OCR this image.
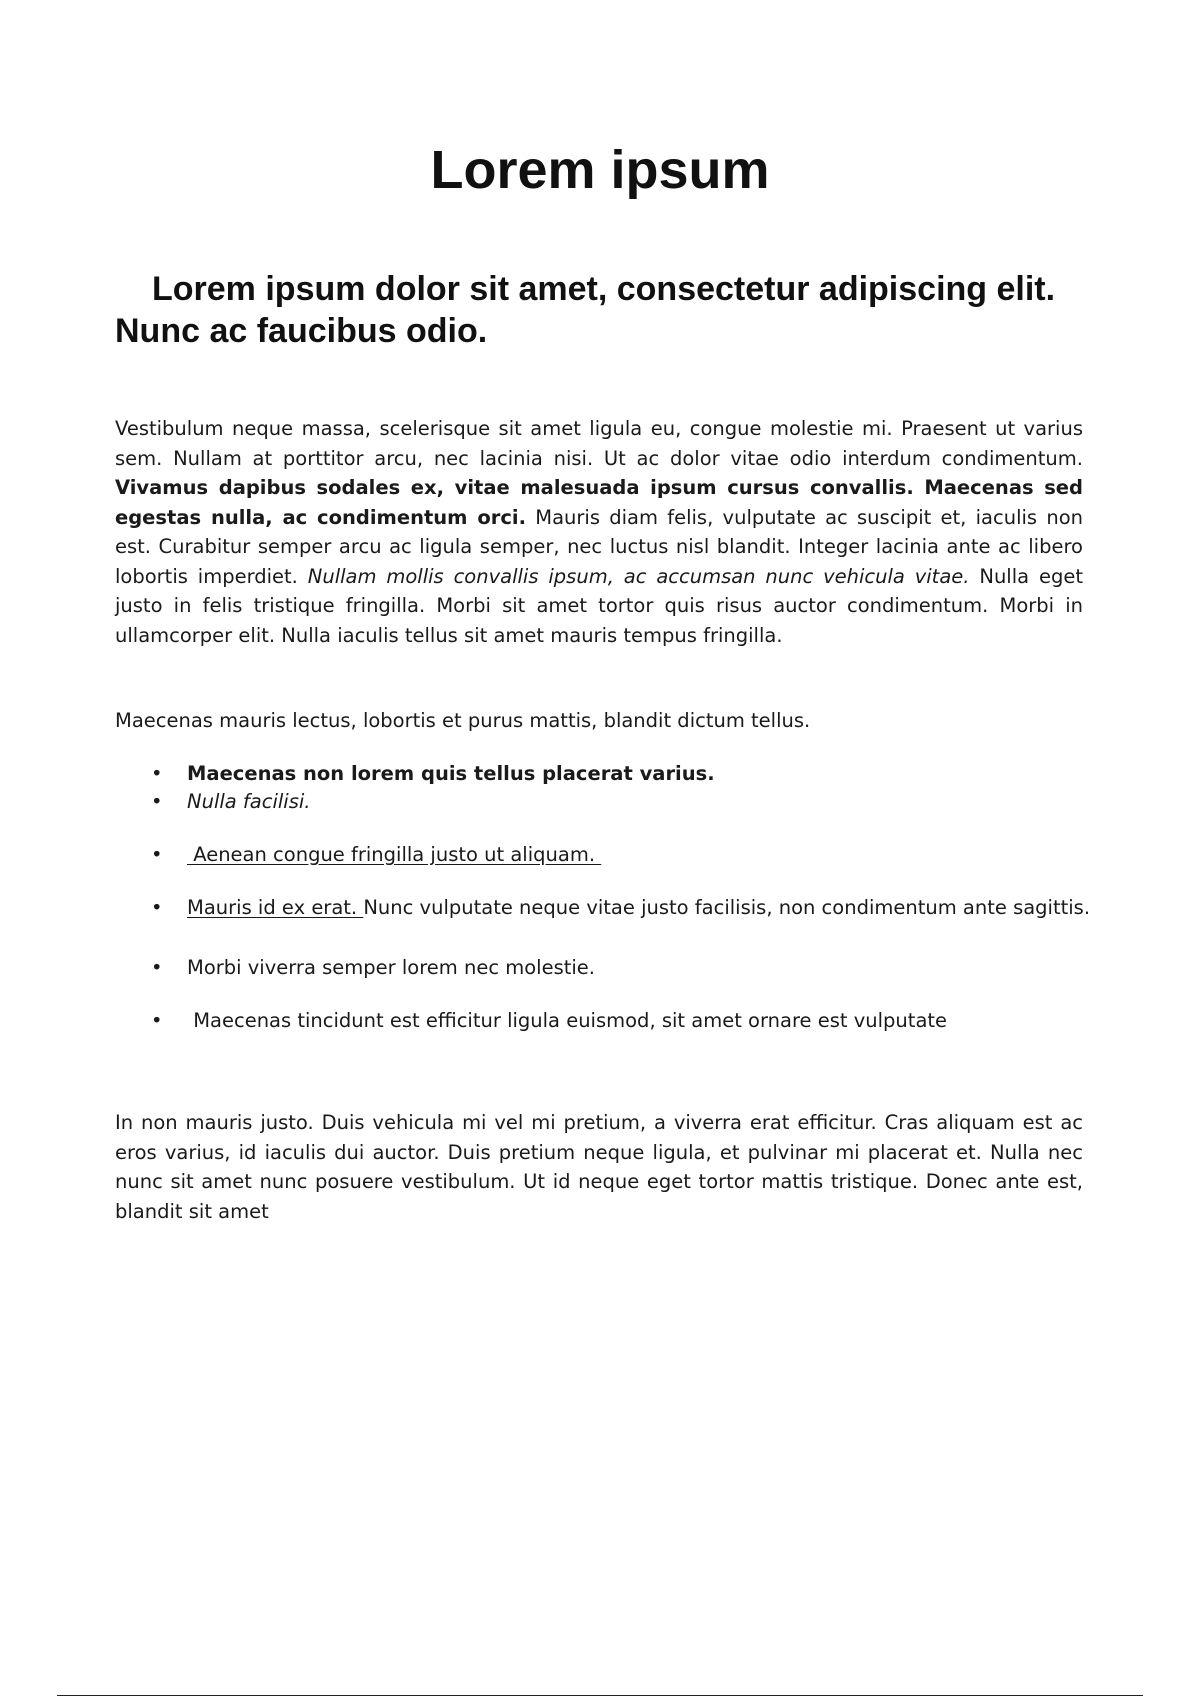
Lorem ipsum
Lorem ipsum dolor sit amet, consectetur adipiscing elit. Nunc ac faucibus odio.

Vestibulum neque massa, scelerisque sit amet ligula eu, congue molestie mi. Praesent ut varius sem. Nullam at porttitor arcu, nec lacinia nisi. Ut ac dolor vitae odio interdum condimentum. Vivamus dapibus sodales ex, vitae malesuada ipsum cursus convallis. Maecenas sed egestas nulla, ac condimentum orci. Mauris diam felis, vulputate ac suscipit et, iaculis non est. Curabitur semper arcu ac ligula semper, nec luctus nisl blandit. Integer lacinia ante ac libero lobortis imperdiet. Nullam mollis convallis ipsum, ac accumsan nunc vehicula vitae. Nulla eget justo in felis tristique fringilla. Morbi sit amet tortor quis risus auctor condimentum. Morbi in ullamcorper elit. Nulla iaculis tellus sit amet mauris tempus fringilla.

Maecenas mauris lectus, lobortis et purus mattis, blandit dictum tellus.

• Maecenas non lorem quis tellus placerat varius.
• Nulla facilisi.
• Aenean congue fringilla justo ut aliquam.
• Mauris id ex erat. Nunc vulputate neque vitae justo facilisis, non condimentum ante sagittis.
• Morbi viverra semper lorem nec molestie.
• Maecenas tincidunt est efficitur ligula euismod, sit amet ornare est vulputate

In non mauris justo. Duis vehicula mi vel mi pretium, a viverra erat efficitur. Cras aliquam est ac eros varius, id iaculis dui auctor. Duis pretium neque ligula, et pulvinar mi placerat et. Nulla nec nunc sit amet nunc posuere vestibulum. Ut id neque eget tortor mattis tristique. Donec ante est, blandit sit amet
